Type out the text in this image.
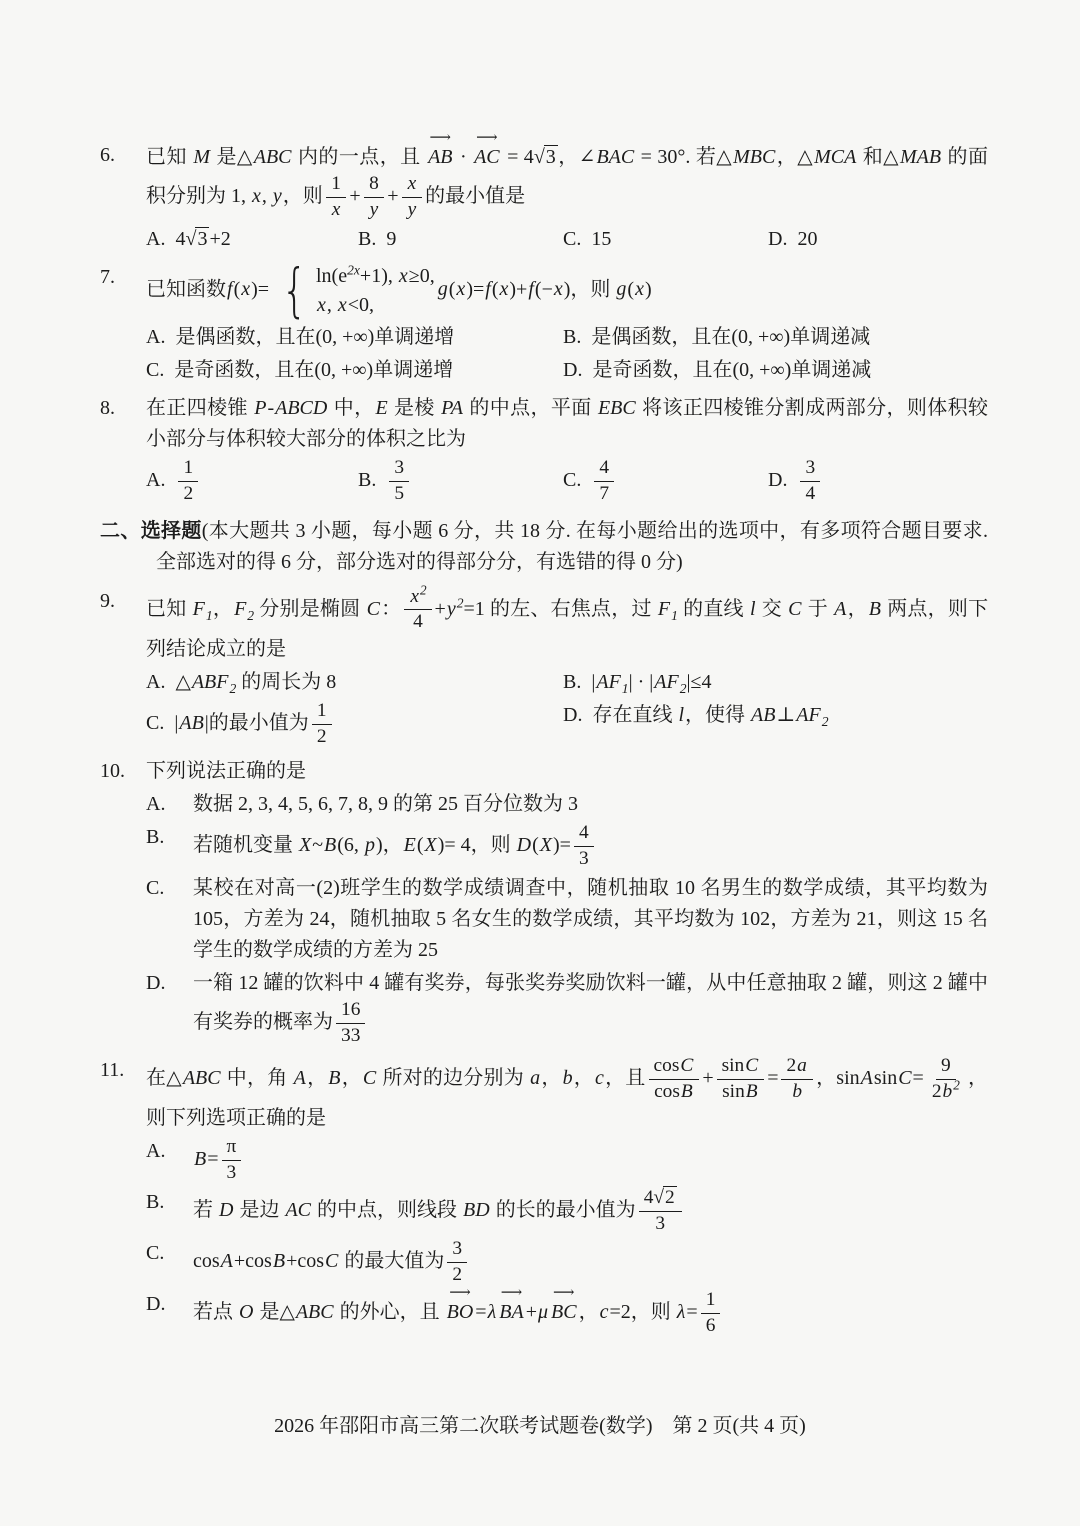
6. 已知 M 是△ABC 内的一点，且
⟶
AB ·
⟶
AC = 4√ 3 ，∠BAC = 30°. 若△MBC，△MCA 和△MAB 的面积分别为 1, x, y，则 $\frac{1}{x} + \frac{8}{y} + \frac{x}{y}$ 的最小值是
A. 4√ 3 +2	B. 9	C. 15	D. 20
7.
已知函数f(x)= { $\ln(e^{2x}+1)$, x≥0,
x, x<0,
g(x)=f(x)+f(−x)，则 g(x)
A. 是偶函数，且在(0, +∞)单调递增	B. 是偶函数，且在(0, +∞)单调递减
C. 是奇函数，且在(0, +∞)单调递增	D. 是奇函数，且在(0, +∞)单调递减
8. 在正四棱锥 P-ABCD 中，E 是棱 PA 的中点，平面 EBC 将该正四棱锥分割成两部分，则体积较小部分与体积较大部分的体积之比为
A. $\frac{1}{2}$	B. $\frac{3}{5}$	C. $\frac{4}{7}$	D. $\frac{3}{4}$
二、选择题(本大题共 3 小题，每小题 6 分，共 18 分. 在每小题给出的选项中，有多项符合题目要求. 全部选对的得 6 分，部分选对的得部分分，有选错的得 0 分)
9. 已知 $F_1$，$F_2$ 分别是椭圆 C： $\frac{x^2}{4} +y^2=1$ 的左、右焦点，过 $F_1$ 的直线 l 交 C 于 A，B 两点，则下列结论成立的是
A. $\triangle ABF_2$ 的周长为 8	B. $|AF_1| \cdot |AF_2|\le 4$
C. |AB|的最小值为 $\frac{1}{2}$	D. 存在直线 l，使得 $AB\perp AF_2$
10. 下列说法正确的是
A. 数据 2, 3, 4, 5, 6, 7, 8, 9 的第 25 百分位数为 3
B. 若随机变量 X~B(6, p)，E(X)= 4，则 $D(X)= \frac{4}{3}$
C. 某校在对高一(2)班学生的数学成绩调查中，随机抽取 10 名男生的数学成绩，其平均数为 105，方差为 24，随机抽取 5 名女生的数学成绩，其平均数为 102，方差为 21，则这 15 名学生的数学成绩的方差为 25
D. 一箱 12 罐的饮料中 4 罐有奖券，每张奖券奖励饮料一罐，从中任意抽取 2 罐，则这 2 罐中有奖券的概率为 $\frac{16}{33}$
11. 在△ABC 中，角 A，B，C 所对的边分别为 a，b，c，且 $\frac{\cos C}{\cos B} + \frac{\sin C}{\sin B} = \frac{2a}{b}$ ，sinAsinC= $\frac{9}{2b^2}$ ，则下列选项正确的是
A. $B= \frac{\pi}{3}$
B. 若 D 是边 AC 的中点，则线段 BD 的长的最小值为 $\frac{4√ 2}{3}$
C. cosA+cosB+cosC 的最大值为 $\frac{3}{2}$
D. 若点 O 是△ABC 的外心，且
⟶
BO =λ
⟶
BA +μ
⟶
BC ，c=2，则 $\lambda= \frac{1}{6}$
2026 年邵阳市高三第二次联考试题卷(数学)　第 2 页(共 4 页)
